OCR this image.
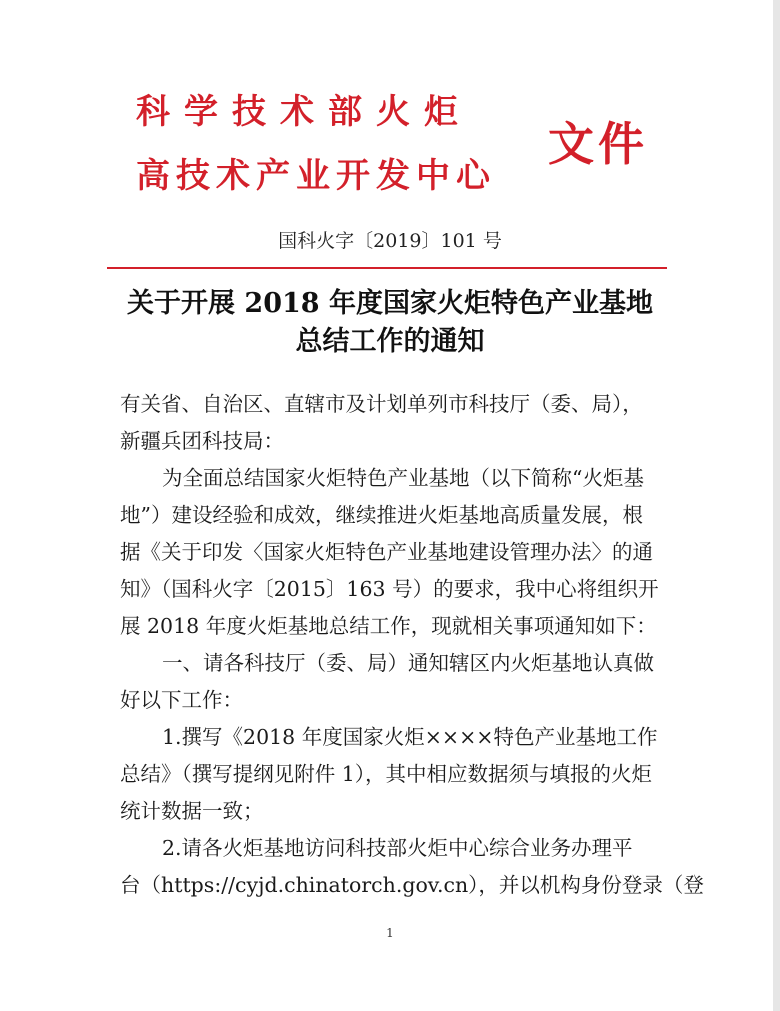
科学技术部火炬
高技术产业开发中心
文件
国科火字〔2019〕101 号
关于开展 2018 年度国家火炬特色产业基地
总结工作的通知
有关省、自治区、直辖市及计划单列市科技厅（委、局），
新疆兵团科技局：
为全面总结国家火炬特色产业基地（以下简称“火炬基
地”）建设经验和成效，继续推进火炬基地高质量发展，根
据《关于印发〈国家火炬特色产业基地建设管理办法〉的通
知》（国科火字〔2015〕163 号）的要求，我中心将组织开
展 2018 年度火炬基地总结工作，现就相关事项通知如下：
一、请各科技厅（委、局）通知辖区内火炬基地认真做
好以下工作：
1.撰写《2018 年度国家火炬××××特色产业基地工作
总结》（撰写提纲见附件 1），其中相应数据须与填报的火炬
统计数据一致；
2.请各火炬基地访问科技部火炬中心综合业务办理平
台（https://cyjd.chinatorch.gov.cn），并以机构身份登录（登
1
